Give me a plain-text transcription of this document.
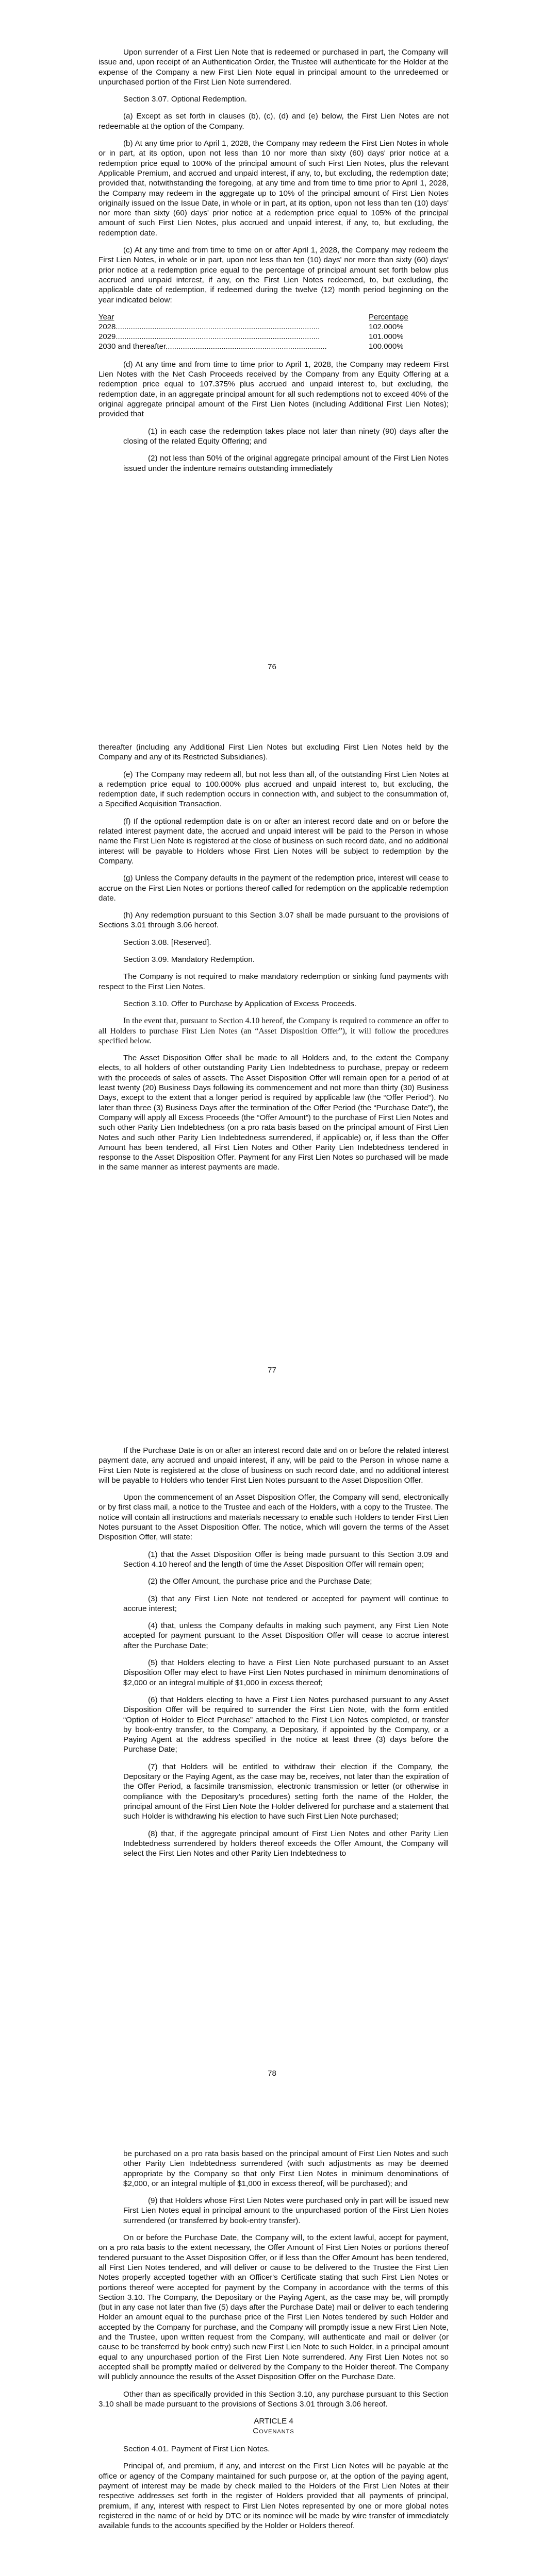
Upon surrender of a First Lien Note that is redeemed or purchased in part, the Company will issue and, upon receipt of an Authentication Order, the Trustee will authenticate for the Holder at the expense of the Company a new First Lien Note equal in principal amount to the unredeemed or unpurchased portion of the First Lien Note surrendered.

Section 3.07. Optional Redemption.

(a) Except as set forth in clauses (b), (c), (d) and (e) below, the First Lien Notes are not redeemable at the option of the Company.

(b) At any time prior to April 1, 2028, the Company may redeem the First Lien Notes in whole or in part, at its option, upon not less than 10 nor more than sixty (60) days' prior notice at a redemption price equal to 100% of the principal amount of such First Lien Notes, plus the relevant Applicable Premium, and accrued and unpaid interest, if any, to, but excluding, the redemption date; provided that, notwithstanding the foregoing, at any time and from time to time prior to April 1, 2028, the Company may redeem in the aggregate up to 10% of the principal amount of First Lien Notes originally issued on the Issue Date, in whole or in part, at its option, upon not less than ten (10) days' nor more than sixty (60) days' prior notice at a redemption price equal to 105% of the principal amount of such First Lien Notes, plus accrued and unpaid interest, if any, to, but excluding, the redemption date.

(c) At any time and from time to time on or after April 1, 2028, the Company may redeem the First Lien Notes, in whole or in part, upon not less than ten (10) days' nor more than sixty (60) days' prior notice at a redemption price equal to the percentage of principal amount set forth below plus accrued and unpaid interest, if any, on the First Lien Notes redeemed, to, but excluding, the applicable date of redemption, if redeemed during the twelve (12) month period beginning on the year indicated below:

Year	Percentage
2028...............................................................................................	102.000%
2029...............................................................................................	101.000%
2030 and thereafter...........................................................................	100.000%

(d) At any time and from time to time prior to April 1, 2028, the Company may redeem First Lien Notes with the Net Cash Proceeds received by the Company from any Equity Offering at a redemption price equal to 107.375% plus accrued and unpaid interest to, but excluding, the redemption date, in an aggregate principal amount for all such redemptions not to exceed 40% of the original aggregate principal amount of the First Lien Notes (including Additional First Lien Notes); provided that

(1) in each case the redemption takes place not later than ninety (90) days after the closing of the related Equity Offering; and

(2) not less than 50% of the original aggregate principal amount of the First Lien Notes issued under the indenture remains outstanding immediately

76

thereafter (including any Additional First Lien Notes but excluding First Lien Notes held by the Company and any of its Restricted Subsidiaries).

(e) The Company may redeem all, but not less than all, of the outstanding First Lien Notes at a redemption price equal to 100.000% plus accrued and unpaid interest to, but excluding, the redemption date, if such redemption occurs in connection with, and subject to the consummation of, a Specified Acquisition Transaction.

(f) If the optional redemption date is on or after an interest record date and on or before the related interest payment date, the accrued and unpaid interest will be paid to the Person in whose name the First Lien Note is registered at the close of business on such record date, and no additional interest will be payable to Holders whose First Lien Notes will be subject to redemption by the Company.

(g) Unless the Company defaults in the payment of the redemption price, interest will cease to accrue on the First Lien Notes or portions thereof called for redemption on the applicable redemption date.

(h) Any redemption pursuant to this Section 3.07 shall be made pursuant to the provisions of Sections 3.01 through 3.06 hereof.

Section 3.08. [Reserved].

Section 3.09. Mandatory Redemption.

The Company is not required to make mandatory redemption or sinking fund payments with respect to the First Lien Notes.

Section 3.10. Offer to Purchase by Application of Excess Proceeds.

In the event that, pursuant to Section 4.10 hereof, the Company is required to commence an offer to all Holders to purchase First Lien Notes (an “Asset Disposition Offer”), it will follow the procedures specified below.

The Asset Disposition Offer shall be made to all Holders and, to the extent the Company elects, to all holders of other outstanding Parity Lien Indebtedness to purchase, prepay or redeem with the proceeds of sales of assets. The Asset Disposition Offer will remain open for a period of at least twenty (20) Business Days following its commencement and not more than thirty (30) Business Days, except to the extent that a longer period is required by applicable law (the “Offer Period”). No later than three (3) Business Days after the termination of the Offer Period (the “Purchase Date”), the Company will apply all Excess Proceeds (the “Offer Amount”) to the purchase of First Lien Notes and such other Parity Lien Indebtedness (on a pro rata basis based on the principal amount of First Lien Notes and such other Parity Lien Indebtedness surrendered, if applicable) or, if less than the Offer Amount has been tendered, all First Lien Notes and Other Parity Lien Indebtedness tendered in response to the Asset Disposition Offer. Payment for any First Lien Notes so purchased will be made in the same manner as interest payments are made.

77

If the Purchase Date is on or after an interest record date and on or before the related interest payment date, any accrued and unpaid interest, if any, will be paid to the Person in whose name a First Lien Note is registered at the close of business on such record date, and no additional interest will be payable to Holders who tender First Lien Notes pursuant to the Asset Disposition Offer.

Upon the commencement of an Asset Disposition Offer, the Company will send, electronically or by first class mail, a notice to the Trustee and each of the Holders, with a copy to the Trustee. The notice will contain all instructions and materials necessary to enable such Holders to tender First Lien Notes pursuant to the Asset Disposition Offer. The notice, which will govern the terms of the Asset Disposition Offer, will state:

(1) that the Asset Disposition Offer is being made pursuant to this Section 3.09 and Section 4.10 hereof and the length of time the Asset Disposition Offer will remain open;

(2) the Offer Amount, the purchase price and the Purchase Date;

(3) that any First Lien Note not tendered or accepted for payment will continue to accrue interest;

(4) that, unless the Company defaults in making such payment, any First Lien Note accepted for payment pursuant to the Asset Disposition Offer will cease to accrue interest after the Purchase Date;

(5) that Holders electing to have a First Lien Note purchased pursuant to an Asset Disposition Offer may elect to have First Lien Notes purchased in minimum denominations of $2,000 or an integral multiple of $1,000 in excess thereof;

(6) that Holders electing to have a First Lien Notes purchased pursuant to any Asset Disposition Offer will be required to surrender the First Lien Note, with the form entitled “Option of Holder to Elect Purchase” attached to the First Lien Notes completed, or transfer by book-entry transfer, to the Company, a Depositary, if appointed by the Company, or a Paying Agent at the address specified in the notice at least three (3) days before the Purchase Date;

(7) that Holders will be entitled to withdraw their election if the Company, the Depositary or the Paying Agent, as the case may be, receives, not later than the expiration of the Offer Period, a facsimile transmission, electronic transmission or letter (or otherwise in compliance with the Depositary's procedures) setting forth the name of the Holder, the principal amount of the First Lien Note the Holder delivered for purchase and a statement that such Holder is withdrawing his election to have such First Lien Note purchased;

(8) that, if the aggregate principal amount of First Lien Notes and other Parity Lien Indebtedness surrendered by holders thereof exceeds the Offer Amount, the Company will select the First Lien Notes and other Parity Lien Indebtedness to

78

be purchased on a pro rata basis based on the principal amount of First Lien Notes and such other Parity Lien Indebtedness surrendered (with such adjustments as may be deemed appropriate by the Company so that only First Lien Notes in minimum denominations of $2,000, or an integral multiple of $1,000 in excess thereof, will be purchased); and

(9) that Holders whose First Lien Notes were purchased only in part will be issued new First Lien Notes equal in principal amount to the unpurchased portion of the First Lien Notes surrendered (or transferred by book-entry transfer).

On or before the Purchase Date, the Company will, to the extent lawful, accept for payment, on a pro rata basis to the extent necessary, the Offer Amount of First Lien Notes or portions thereof tendered pursuant to the Asset Disposition Offer, or if less than the Offer Amount has been tendered, all First Lien Notes tendered, and will deliver or cause to be delivered to the Trustee the First Lien Notes properly accepted together with an Officer's Certificate stating that such First Lien Notes or portions thereof were accepted for payment by the Company in accordance with the terms of this Section 3.10. The Company, the Depositary or the Paying Agent, as the case may be, will promptly (but in any case not later than five (5) days after the Purchase Date) mail or deliver to each tendering Holder an amount equal to the purchase price of the First Lien Notes tendered by such Holder and accepted by the Company for purchase, and the Company will promptly issue a new First Lien Note, and the Trustee, upon written request from the Company, will authenticate and mail or deliver (or cause to be transferred by book entry) such new First Lien Note to such Holder, in a principal amount equal to any unpurchased portion of the First Lien Note surrendered. Any First Lien Notes not so accepted shall be promptly mailed or delivered by the Company to the Holder thereof. The Company will publicly announce the results of the Asset Disposition Offer on the Purchase Date.

Other than as specifically provided in this Section 3.10, any purchase pursuant to this Section 3.10 shall be made pursuant to the provisions of Sections 3.01 through 3.06 hereof.

ARTICLE 4

Covenants

Section 4.01. Payment of First Lien Notes.

Principal of, and premium, if any, and interest on the First Lien Notes will be payable at the office or agency of the Company maintained for such purpose or, at the option of the paying agent, payment of interest may be made by check mailed to the Holders of the First Lien Notes at their respective addresses set forth in the register of Holders provided that all payments of principal, premium, if any, interest with respect to First Lien Notes represented by one or more global notes registered in the name of or held by DTC or its nominee will be made by wire transfer of immediately available funds to the accounts specified by the Holder or Holders thereof.
